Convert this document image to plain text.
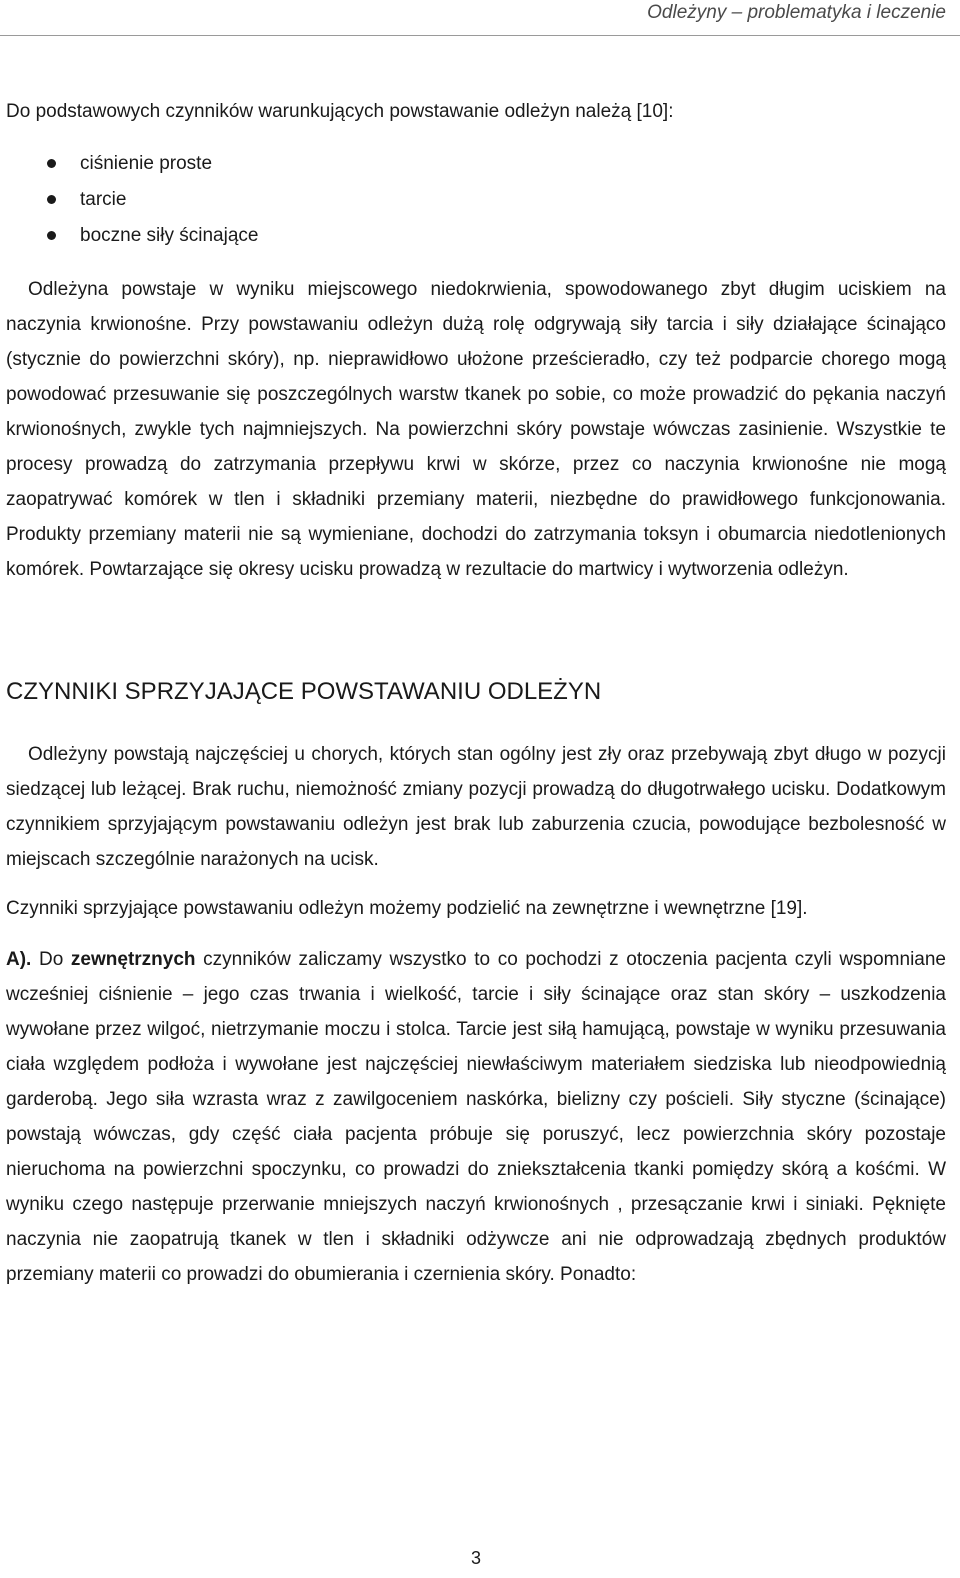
Odleżyny – problematyka i leczenie

Do podstawowych czynników warunkujących powstawanie odleżyn należą [10]:

ciśnienie proste
tarcie
boczne siły ścinające

Odleżyna powstaje w wyniku miejscowego niedokrwienia, spowodowanego zbyt długim uciskiem na naczynia krwionośne. Przy powstawaniu odleżyn dużą rolę odgrywają siły tarcia i siły działające ścinająco (stycznie do powierzchni skóry), np. nieprawidłowo ułożone prześcieradło, czy też podparcie chorego mogą powodować przesuwanie się poszczególnych warstw tkanek po sobie, co może prowadzić do pękania naczyń krwionośnych, zwykle tych najmniejszych. Na powierzchni skóry powstaje wówczas zasinienie. Wszystkie te procesy prowadzą do zatrzymania przepływu krwi w skórze, przez co naczynia krwionośne nie mogą zaopatrywać komórek w tlen i składniki przemiany materii, niezbędne do prawidłowego funkcjonowania. Produkty przemiany materii nie są wymieniane, dochodzi do zatrzymania toksyn i obumarcia niedotlenionych komórek. Powtarzające się okresy ucisku prowadzą w rezultacie do martwicy i wytworzenia odleżyn.

CZYNNIKI SPRZYJAJĄCE POWSTAWANIU ODLEŻYN

Odleżyny powstają najczęściej u chorych, których stan ogólny jest zły oraz przebywają zbyt długo w pozycji siedzącej lub leżącej. Brak ruchu, niemożność zmiany pozycji prowadzą do długotrwałego ucisku. Dodatkowym czynnikiem sprzyjającym powstawaniu odleżyn jest brak lub zaburzenia czucia, powodujące bezbolesność w miejscach szczególnie narażonych na ucisk.

Czynniki sprzyjające powstawaniu odleżyn możemy podzielić na zewnętrzne i wewnętrzne [19].

A). Do zewnętrznych czynników zaliczamy wszystko to co pochodzi z otoczenia pacjenta czyli wspomniane wcześniej ciśnienie – jego czas trwania i wielkość, tarcie i siły ścinające oraz stan skóry – uszkodzenia wywołane przez wilgoć, nietrzymanie moczu i stolca. Tarcie jest siłą hamującą, powstaje w wyniku przesuwania ciała względem podłoża i wywołane jest najczęściej niewłaściwym materiałem siedziska lub nieodpowiednią garderobą. Jego siła wzrasta wraz z zawilgoceniem naskórka, bielizny czy pościeli. Siły styczne (ścinające) powstają wówczas, gdy część ciała pacjenta próbuje się poruszyć, lecz powierzchnia skóry pozostaje nieruchoma na powierzchni spoczynku, co prowadzi do zniekształcenia tkanki pomiędzy skórą a kośćmi. W wyniku czego następuje przerwanie mniejszych naczyń krwionośnych , przesączanie krwi i siniaki. Pęknięte naczynia nie zaopatrują tkanek w tlen i składniki odżywcze ani nie odprowadzają zbędnych produktów przemiany materii co prowadzi do obumierania i czernienia skóry. Ponadto:

3
